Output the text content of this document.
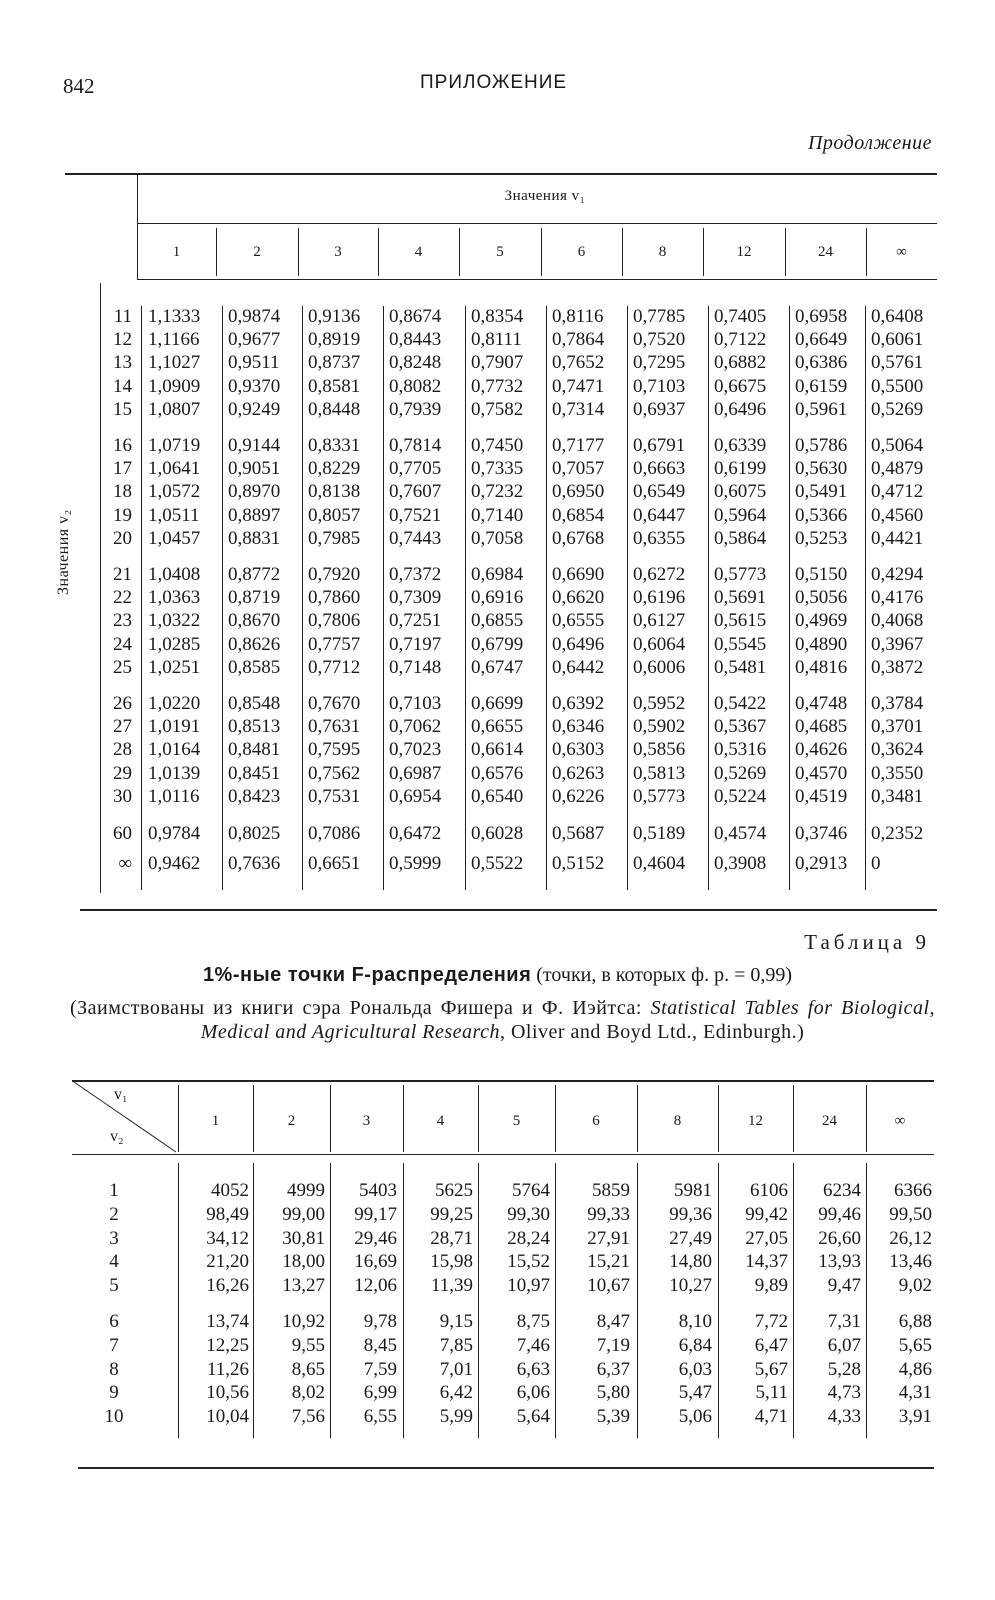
842	ПРИЛОЖЕНИЕ
Продолжение
Значения v₁
Значения v₂
1	2	3	4	5	6	8	12	24	∞
11 1,1333 0,9874 0,9136 0,8674 0,8354 0,8116 0,7785 0,7405 0,6958 0,6408
12 1,1166 0,9677 0,8919 0,8443 0,8111 0,7864 0,7520 0,7122 0,6649 0,6061
13 1,1027 0,9511 0,8737 0,8248 0,7907 0,7652 0,7295 0,6882 0,6386 0,5761
14 1,0909 0,9370 0,8581 0,8082 0,7732 0,7471 0,7103 0,6675 0,6159 0,5500
15 1,0807 0,9249 0,8448 0,7939 0,7582 0,7314 0,6937 0,6496 0,5961 0,5269
16 1,0719 0,9144 0,8331 0,7814 0,7450 0,7177 0,6791 0,6339 0,5786 0,5064
17 1,0641 0,9051 0,8229 0,7705 0,7335 0,7057 0,6663 0,6199 0,5630 0,4879
18 1,0572 0,8970 0,8138 0,7607 0,7232 0,6950 0,6549 0,6075 0,5491 0,4712
19 1,0511 0,8897 0,8057 0,7521 0,7140 0,6854 0,6447 0,5964 0,5366 0,4560
20 1,0457 0,8831 0,7985 0,7443 0,7058 0,6768 0,6355 0,5864 0,5253 0,4421
21 1,0408 0,8772 0,7920 0,7372 0,6984 0,6690 0,6272 0,5773 0,5150 0,4294
22 1,0363 0,8719 0,7860 0,7309 0,6916 0,6620 0,6196 0,5691 0,5056 0,4176
23 1,0322 0,8670 0,7806 0,7251 0,6855 0,6555 0,6127 0,5615 0,4969 0,4068
24 1,0285 0,8626 0,7757 0,7197 0,6799 0,6496 0,6064 0,5545 0,4890 0,3967
25 1,0251 0,8585 0,7712 0,7148 0,6747 0,6442 0,6006 0,5481 0,4816 0,3872
26 1,0220 0,8548 0,7670 0,7103 0,6699 0,6392 0,5952 0,5422 0,4748 0,3784
27 1,0191 0,8513 0,7631 0,7062 0,6655 0,6346 0,5902 0,5367 0,4685 0,3701
28 1,0164 0,8481 0,7595 0,7023 0,6614 0,6303 0,5856 0,5316 0,4626 0,3624
29 1,0139 0,8451 0,7562 0,6987 0,6576 0,6263 0,5813 0,5269 0,4570 0,3550
30 1,0116 0,8423 0,7531 0,6954 0,6540 0,6226 0,5773 0,5224 0,4519 0,3481
60 0,9784 0,8025 0,7086 0,6472 0,6028 0,5687 0,5189 0,4574 0,3746 0,2352
∞ 0,9462 0,7636 0,6651 0,5999 0,5522 0,5152 0,4604 0,3908 0,2913 0
Таблица 9
1%-ные точки F-распределения (точки, в которых ф. р. = 0,99)
(Заимствованы из книги сэра Рональда Фишера и Ф. Иэйтса: Statistical Tables for Biological, Medical and Agricultural Research, Oliver and Boyd Ltd., Edinburgh.)
v₁
v₂
1	2	3	4	5	6	8	12	24	∞
1	4052 4999 5403 5625 5764 5859 5981 6106 6234 6366
2	98,49 99,00 99,17 99,25 99,30 99,33 99,36 99,42 99,46 99,50
3	34,12 30,81 29,46 28,71 28,24 27,91 27,49 27,05 26,60 26,12
4	21,20 18,00 16,69 15,98 15,52 15,21 14,80 14,37 13,93 13,46
5	16,26 13,27 12,06 11,39 10,97 10,67 10,27 9,89 9,47 9,02
6	13,74 10,92 9,78 9,15 8,75 8,47	8,10 7,72 7,31 6,88
7	12,25 9,55 8,45 7,85 7,46 7,19	6,84 6,47 6,07 5,65
8	11,26 8,65 7,59 7,01 6,63 6,37	6,03 5,67 5,28 4,86
9	10,56 8,02 6,99 6,42 6,06 5,80	5,47 5,11 4,73 4,31
10	10,04 7,56 6,55 5,99 5,64 5,39	5,06 4,71 4,33 3,91
